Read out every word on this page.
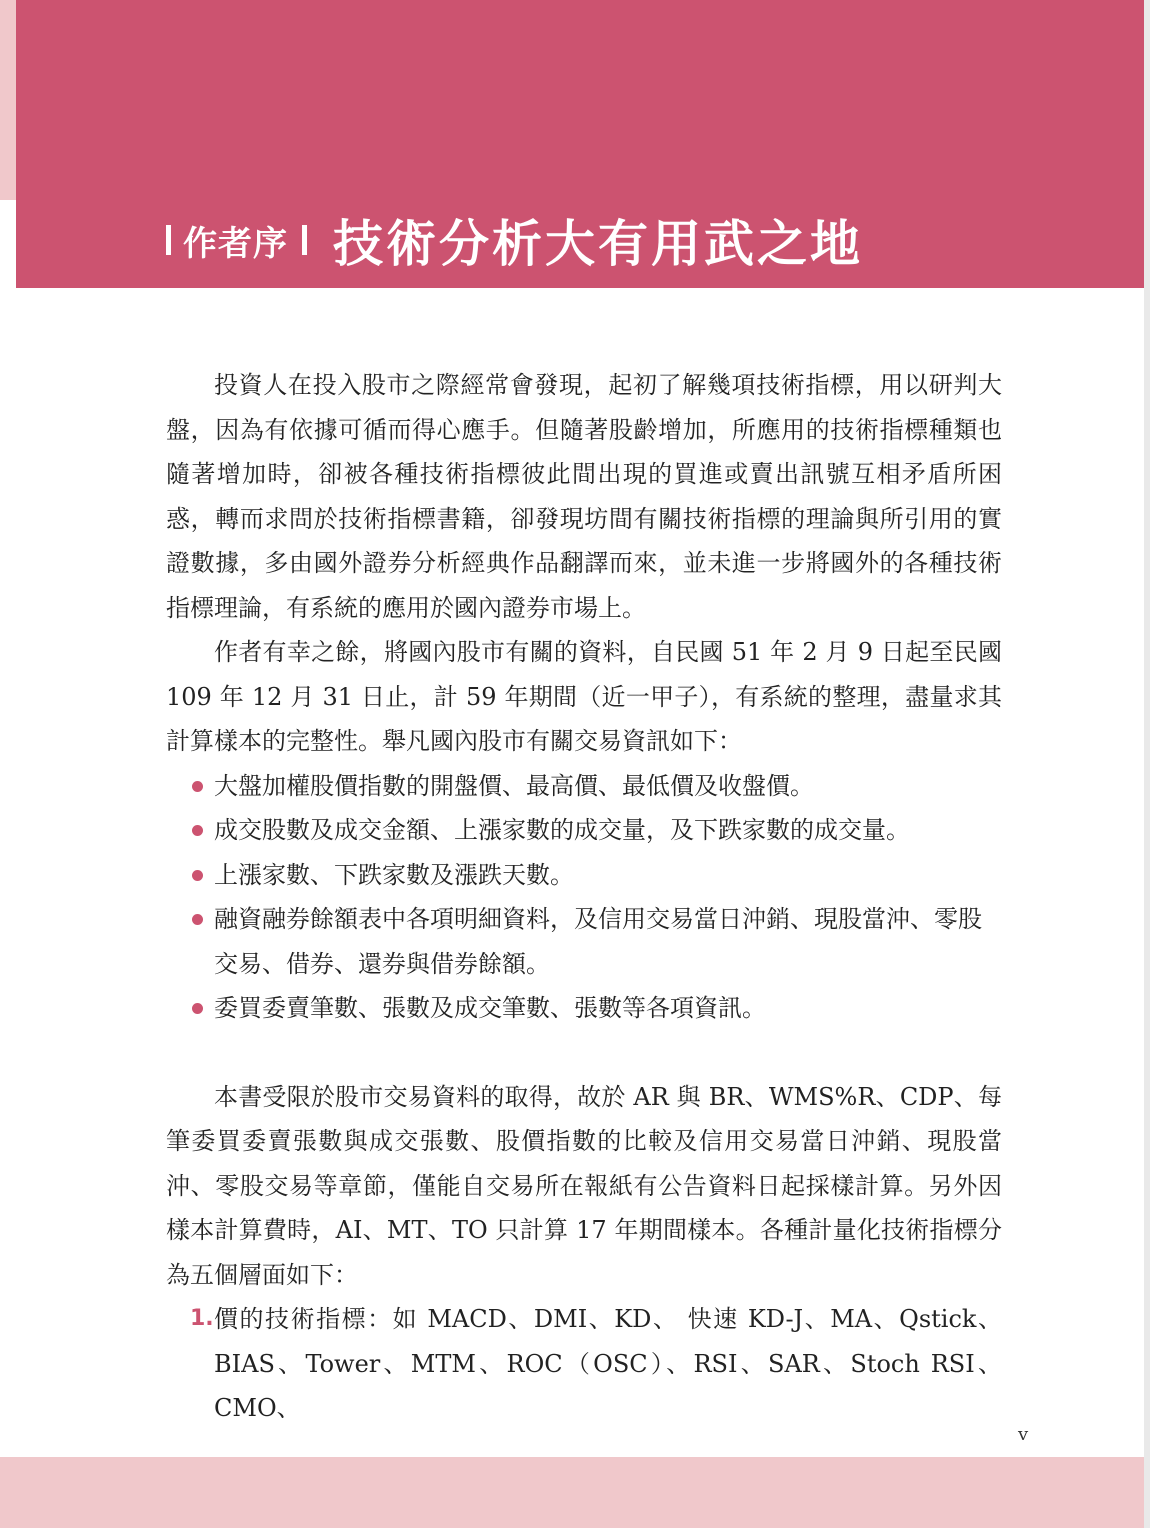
作者序 技術分析大有用武之地

投資人在投入股市之際經常會發現，起初了解幾項技術指標，用以研判大盤，因為有依據可循而得心應手。但隨著股齡增加，所應用的技術指標種類也隨著增加時，卻被各種技術指標彼此間出現的買進或賣出訊號互相矛盾所困惑，轉而求問於技術指標書籍，卻發現坊間有關技術指標的理論與所引用的實證數據，多由國外證券分析經典作品翻譯而來，並未進一步將國外的各種技術指標理論，有系統的應用於國內證券市場上。

作者有幸之餘，將國內股市有關的資料，自民國 51 年 2 月 9 日起至民國 109 年 12 月 31 日止，計 59 年期間（近一甲子），有系統的整理，盡量求其計算樣本的完整性。舉凡國內股市有關交易資訊如下：

大盤加權股價指數的開盤價、最高價、最低價及收盤價。
成交股數及成交金額、上漲家數的成交量，及下跌家數的成交量。
上漲家數、下跌家數及漲跌天數。
融資融券餘額表中各項明細資料，及信用交易當日沖銷、現股當沖、零股交易、借券、還券與借券餘額。
委買委賣筆數、張數及成交筆數、張數等各項資訊。

本書受限於股市交易資料的取得，故於 AR 與 BR、WMS%R、CDP、每筆委買委賣張數與成交張數、股價指數的比較及信用交易當日沖銷、現股當沖、零股交易等章節，僅能自交易所在報紙有公告資料日起採樣計算。另外因樣本計算費時，AI、MT、TO 只計算 17 年期間樣本。各種計量化技術指標分為五個層面如下：

1. 價的技術指標：如 MACD、DMI、KD、 快速 KD-J、MA、Qstick、BIAS、Tower、MTM、ROC（OSC）、RSI、SAR、Stoch RSI、CMO、

v
